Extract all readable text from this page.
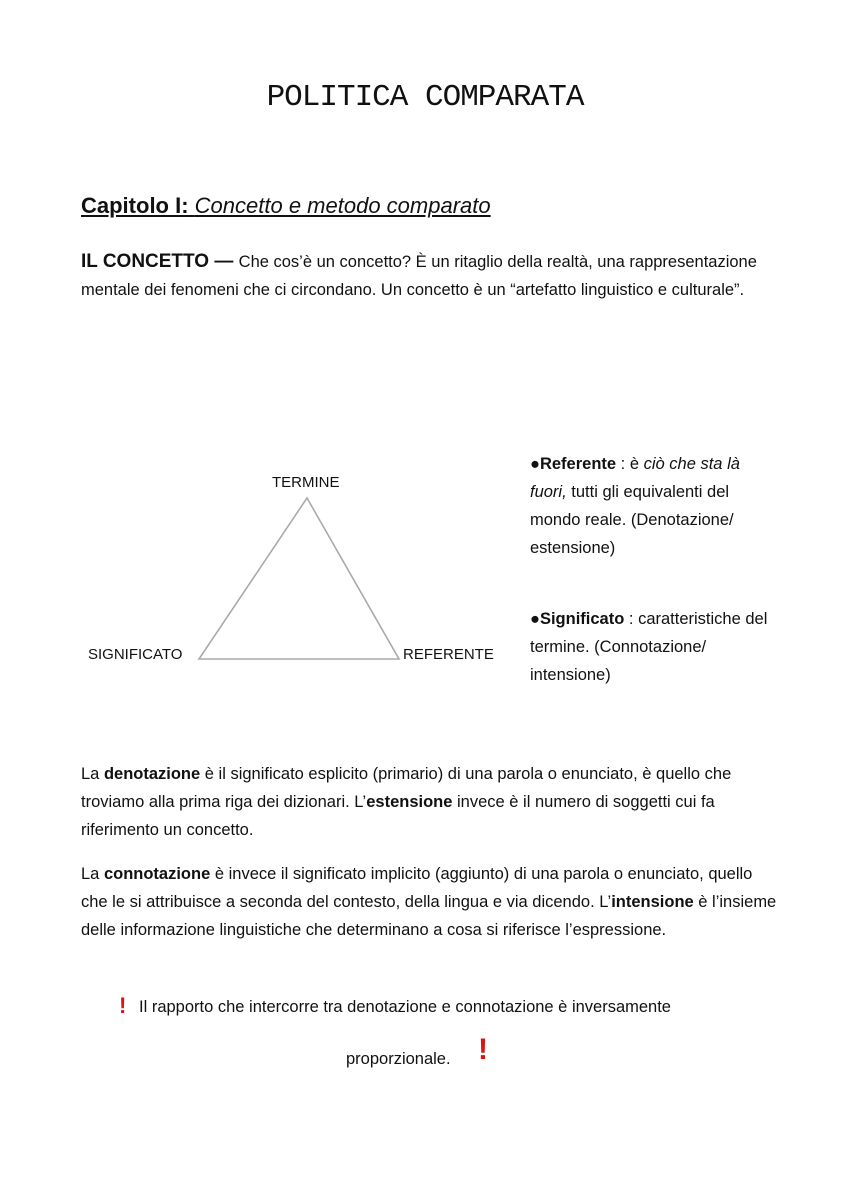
POLITICA COMPARATA
Capitolo I: Concetto e metodo comparato
IL CONCETTO — Che cos’è un concetto? È un ritaglio della realtà, una rappresentazione mentale dei fenomeni che ci circondano. Un concetto è un “artefatto linguistico e culturale”.
TERMINE
SIGNIFICATO	REFERENTE
●Referente : è ciò che sta là fuori, tutti gli equivalenti del mondo reale. (Denotazione/ estensione)
●Significato : caratteristiche del termine. (Connotazione/ intensione)
La denotazione è il significato esplicito (primario) di una parola o enunciato, è quello che troviamo alla prima riga dei dizionari. L’estensione invece è il numero di soggetti cui fa riferimento un concetto.
La connotazione è invece il significato implicito (aggiunto) di una parola o enunciato, quello che le si attribuisce a seconda del contesto, della lingua e via dicendo. L’intensione è l’insieme delle informazione linguistiche che determinano a cosa si riferisce l’espressione.
! Il rapporto che intercorre tra denotazione e connotazione è inversamente
proporzionale. !
